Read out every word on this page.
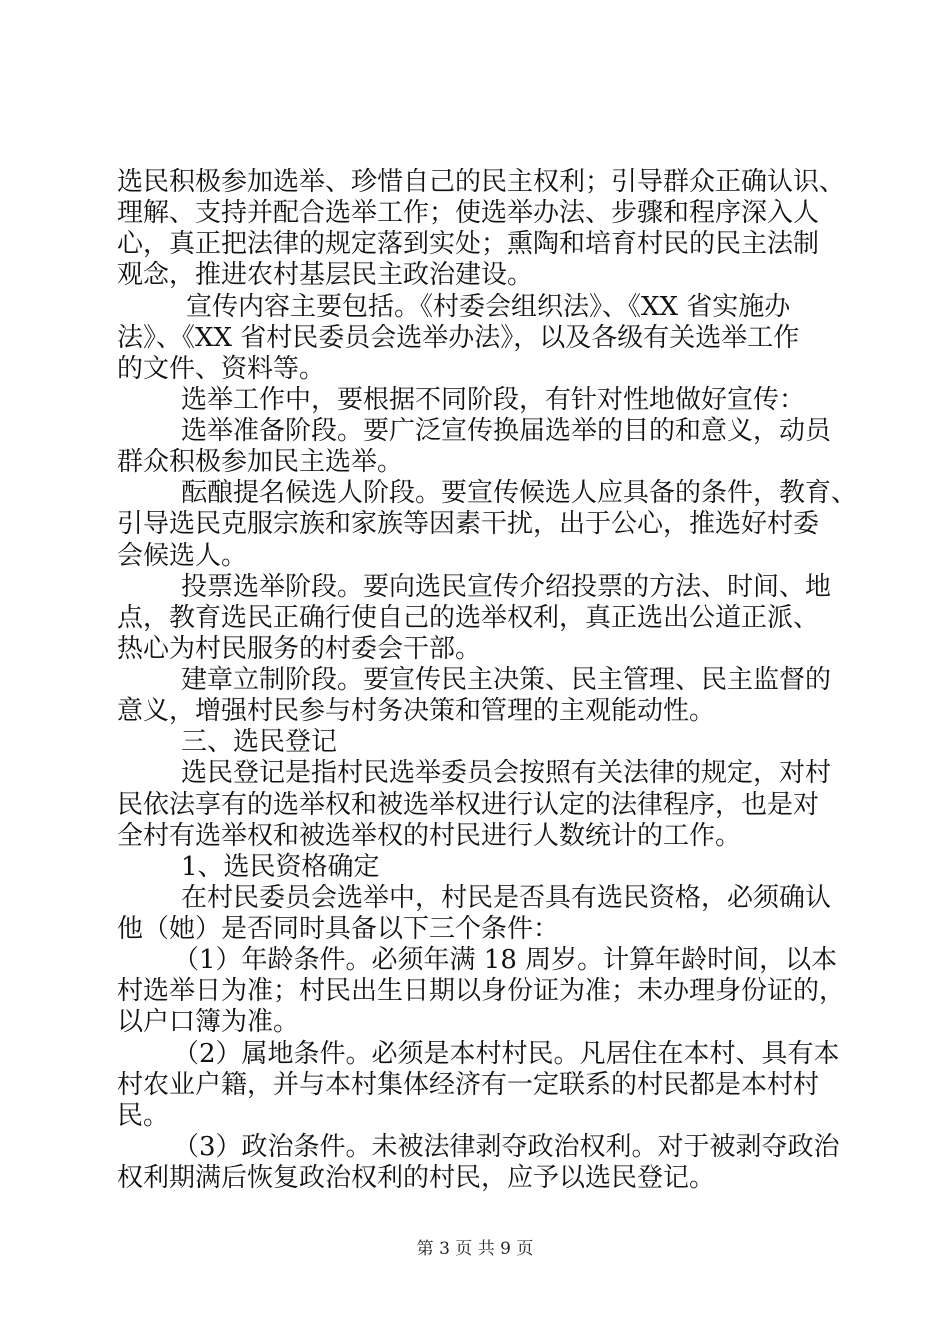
选民积极参加选举、珍惜自己的民主权利；引导群众正确认识、
理解、支持并配合选举工作；使选举办法、步骤和程序深入人
心，真正把法律的规定落到实处；熏陶和培育村民的民主法制
观念，推进农村基层民主政治建设。
　宣传内容主要包括。《村委会组织法》、《XX 省实施办
法》、《XX 省村民委员会选举办法》，以及各级有关选举工作
的文件、资料等。
　选举工作中，要根据不同阶段，有针对性地做好宣传：
　选举准备阶段。要广泛宣传换届选举的目的和意义，动员
群众积极参加民主选举。
　酝酿提名候选人阶段。要宣传候选人应具备的条件，教育、
引导选民克服宗族和家族等因素干扰，出于公心，推选好村委
会候选人。
　投票选举阶段。要向选民宣传介绍投票的方法、时间、地
点，教育选民正确行使自己的选举权利，真正选出公道正派、
热心为村民服务的村委会干部。
　建章立制阶段。要宣传民主决策、民主管理、民主监督的
意义，增强村民参与村务决策和管理的主观能动性。
　三、选民登记
　选民登记是指村民选举委员会按照有关法律的规定，对村
民依法享有的选举权和被选举权进行认定的法律程序，也是对
全村有选举权和被选举权的村民进行人数统计的工作。
　1、选民资格确定
　在村民委员会选举中，村民是否具有选民资格，必须确认
他（她）是否同时具备以下三个条件：
　（1）年龄条件。必须年满 18 周岁。计算年龄时间，以本
村选举日为准；村民出生日期以身份证为准；未办理身份证的，
以户口簿为准。
　（2）属地条件。必须是本村村民。凡居住在本村、具有本
村农业户籍，并与本村集体经济有一定联系的村民都是本村村
民。
　（3）政治条件。未被法律剥夺政治权利。对于被剥夺政治
权利期满后恢复政治权利的村民，应予以选民登记。
第 3 页 共 9 页
